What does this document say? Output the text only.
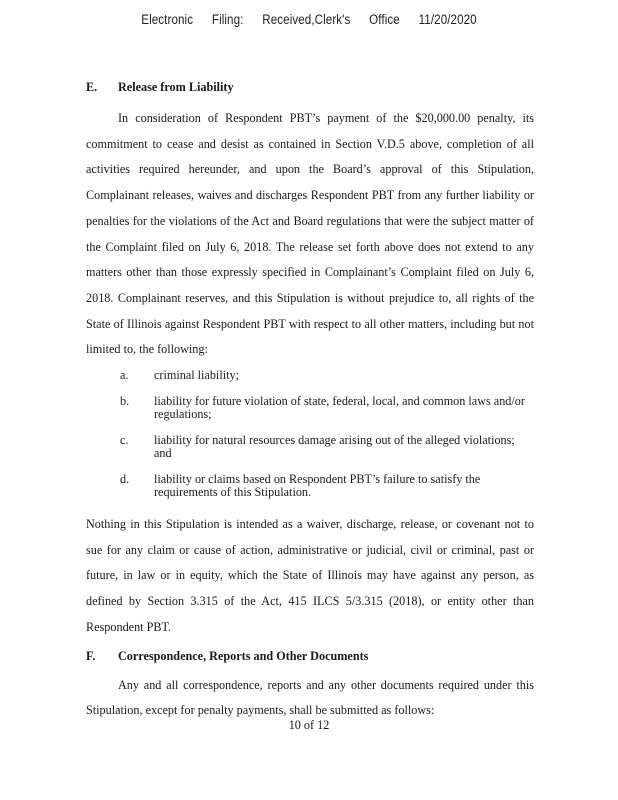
Electronic Filing: Received,Clerk's Office 11/20/2020
E.	Release from Liability

In consideration of Respondent PBT’s payment of the $20,000.00 penalty, its commitment to cease and desist as contained in Section V.D.5 above, completion of all activities required hereunder, and upon the Board’s approval of this Stipulation, Complainant releases, waives and discharges Respondent PBT from any further liability or penalties for the violations of the Act and Board regulations that were the subject matter of the Complaint filed on July 6, 2018. The release set forth above does not extend to any matters other than those expressly specified in Complainant’s Complaint filed on July 6, 2018. Complainant reserves, and this Stipulation is without prejudice to, all rights of the State of Illinois against Respondent PBT with respect to all other matters, including but not limited to, the following:

a.	criminal liability;
b.	liability for future violation of state, federal, local, and common laws and/or regulations;
c.	liability for natural resources damage arising out of the alleged violations; and
d.	liability or claims based on Respondent PBT’s failure to satisfy the requirements of this Stipulation.

Nothing in this Stipulation is intended as a waiver, discharge, release, or covenant not to sue for any claim or cause of action, administrative or judicial, civil or criminal, past or future, in law or in equity, which the State of Illinois may have against any person, as defined by Section 3.315 of the Act, 415 ILCS 5/3.315 (2018), or entity other than Respondent PBT.

F.	Correspondence, Reports and Other Documents

Any and all correspondence, reports and any other documents required under this Stipulation, except for penalty payments, shall be submitted as follows:

10 of 12
